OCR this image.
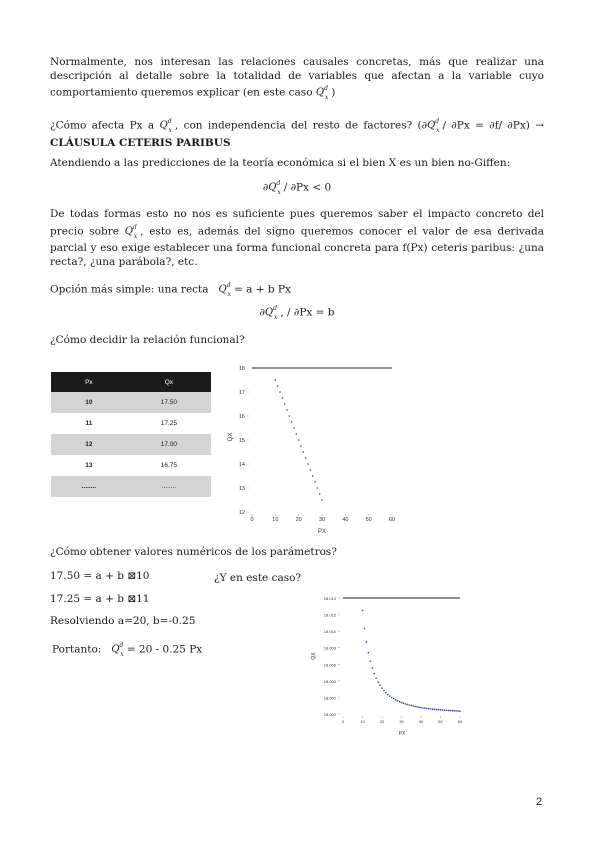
Normalmente, nos interesan las relaciones causales concretas, más que realizar una descripción al detalle sobre la totalidad de variables que afectan a la variable cuyo comportamiento queremos explicar (en este caso $Q^d_x$ )
¿Cómo afecta Px a $Q^d_x$ , con independencia del resto de factores? ($\partial Q^d_x / \partial Px = \partial f/$ ∂Px) → CLÁUSULA CETERIS PARIBUS
Atendiendo a las predicciones de la teoría económica si el bien X es un bien no-Giffen:
$\partial Q^d_x / \partial Px < 0$
De todas formas esto no nos es suficiente pues queremos saber el impacto concreto del precio sobre $Q^d_x$ , esto es, además del signo queremos conocer el valor de esa derivada parcial y eso exige establecer una forma funcional concreta para f(Px) ceteris paribus: ¿una recta?, ¿una parábola?, etc.
Opción más simple: una recta $Q^d_x = a + b$ Px
$\partial Q^d_x$ , / ∂Px = b
¿Cómo decidir la relación funcional?
Px	Qx
10	17.50
11	17.25
12	17.00
13	16.75
........	........
12
13
14
15
16
17
18
0	10	20	30	40	50	60
PX
QX
¿Cómo obtener valores numéricos de los parámetros?
17.50 = a + b ⊠10
17.25 = a + b ⊠11
Resolviendo a=20, b=-0.25
Portanto: $Q^d_x = 20 - 0.25$ Px
¿Y en este caso?
18.000
18.002
18.004
18.006
18.008
18.010
18.012
18.014
0	10	20	30	40	50	60
PX
QX
2
